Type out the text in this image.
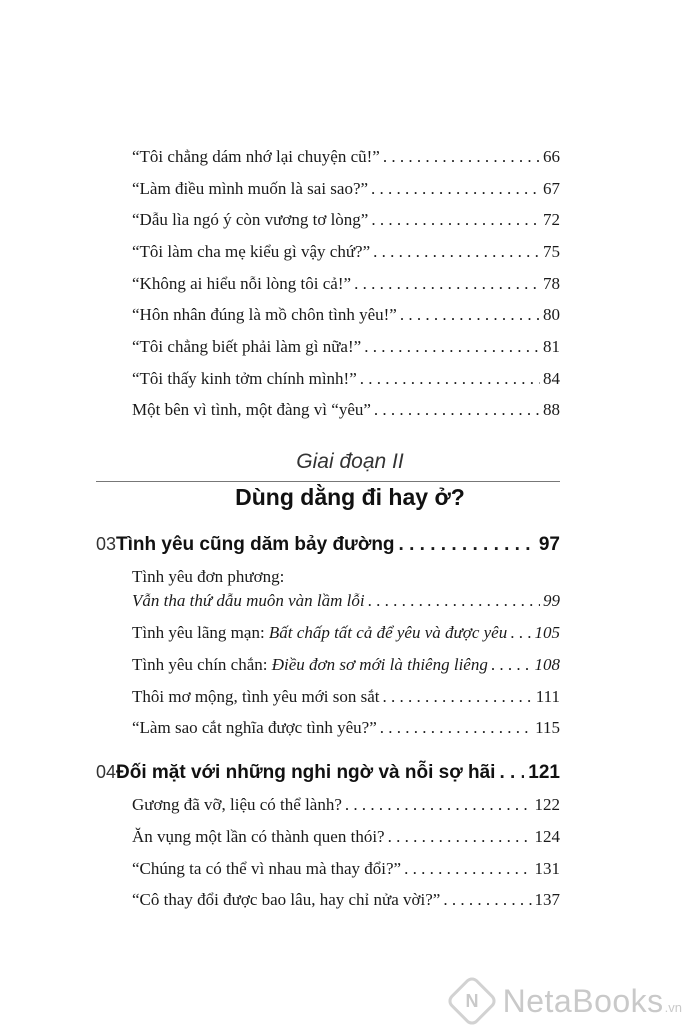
“Tôi chẳng dám nhớ lại chuyện cũ!” . . .	66
“Làm điều mình muốn là sai sao?” . . .	67
“Dẫu lìa ngó ý còn vương tơ lòng” . . .	72
“Tôi làm cha mẹ kiểu gì vậy chứ?” . . .	75
“Không ai hiểu nỗi lòng tôi cả!” . . .	78
“Hôn nhân đúng là mồ chôn tình yêu!” . . .	80
“Tôi chẳng biết phải làm gì nữa!” . . .	81
“Tôi thấy kinh tởm chính mình!” . . .	84
Một bên vì tình, một đàng vì “yêu” . . .	88
Giai đoạn II
Dùng dằng đi hay ở?
03 Tình yêu cũng dăm bảy đường . . .	97
Tình yêu đơn phương:
Vẫn tha thứ dẫu muôn vàn lầm lỗi . . .	99
Tình yêu lãng mạn: Bất chấp tất cả để yêu và được yêu . . . 105
Tình yêu chín chắn: Điều đơn sơ mới là thiêng liêng . . .	108
Thôi mơ mộng, tình yêu mới son sắt . . .	111
“Làm sao cắt nghĩa được tình yêu?” . . .	115
04 Đối mặt với những nghi ngờ và nỗi sợ hãi . . . 121
Gương đã vỡ, liệu có thể lành? . . .	122
Ăn vụng một lần có thành quen thói? . . .	124
“Chúng ta có thể vì nhau mà thay đổi?” . . .	131
“Cô thay đổi được bao lâu, hay chỉ nửa vời?” . . .	137
N NetaBooks .vn
